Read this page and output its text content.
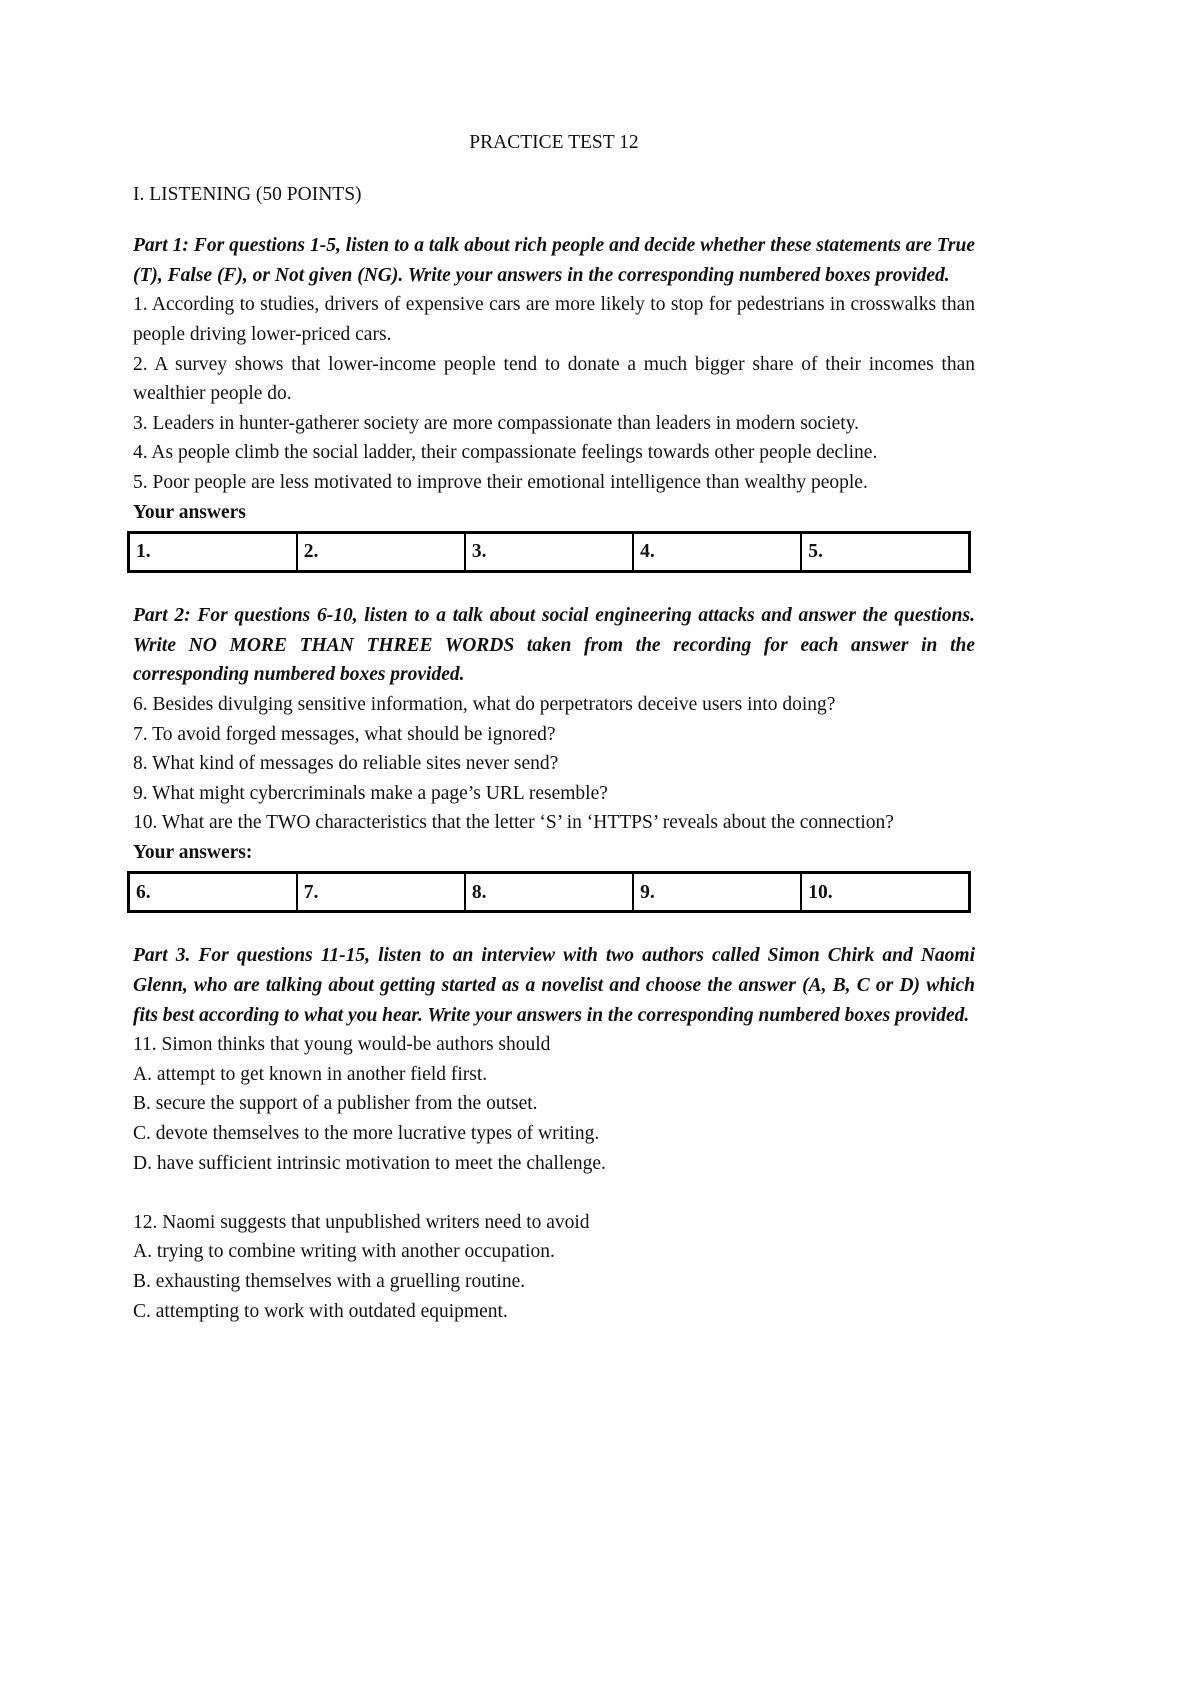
PRACTICE TEST 12
I. LISTENING (50 POINTS)

Part 1: For questions 1-5, listen to a talk about rich people and decide whether these statements are True (T), False (F), or Not given (NG). Write your answers in the corresponding numbered boxes provided.

1. According to studies, drivers of expensive cars are more likely to stop for pedestrians in crosswalks than people driving lower-priced cars.

2. A survey shows that lower-income people tend to donate a much bigger share of their incomes than wealthier people do.

3. Leaders in hunter-gatherer society are more compassionate than leaders in modern society.

4. As people climb the social ladder, their compassionate feelings towards other people decline.

5. Poor people are less motivated to improve their emotional intelligence than wealthy people.

Your answers

1.	2.	3.	4.	5.

Part 2: For questions 6-10, listen to a talk about social engineering attacks and answer the questions. Write NO MORE THAN THREE WORDS taken from the recording for each answer in the corresponding numbered boxes provided.

6. Besides divulging sensitive information, what do perpetrators deceive users into doing?

7. To avoid forged messages, what should be ignored?

8. What kind of messages do reliable sites never send?

9. What might cybercriminals make a page’s URL resemble?

10. What are the TWO characteristics that the letter ‘S’ in ‘HTTPS’ reveals about the connection?

Your answers:

6.	7.	8.	9.	10.

Part 3. For questions 11-15, listen to an interview with two authors called Simon Chirk and Naomi Glenn, who are talking about getting started as a novelist and choose the answer (A, B, C or D) which fits best according to what you hear. Write your answers in the corresponding numbered boxes provided.

11. Simon thinks that young would-be authors should

A. attempt to get known in another field first.

B. secure the support of a publisher from the outset.

C. devote themselves to the more lucrative types of writing.

D. have sufficient intrinsic motivation to meet the challenge.

12. Naomi suggests that unpublished writers need to avoid

A. trying to combine writing with another occupation.

B. exhausting themselves with a gruelling routine.

C. attempting to work with outdated equipment.
